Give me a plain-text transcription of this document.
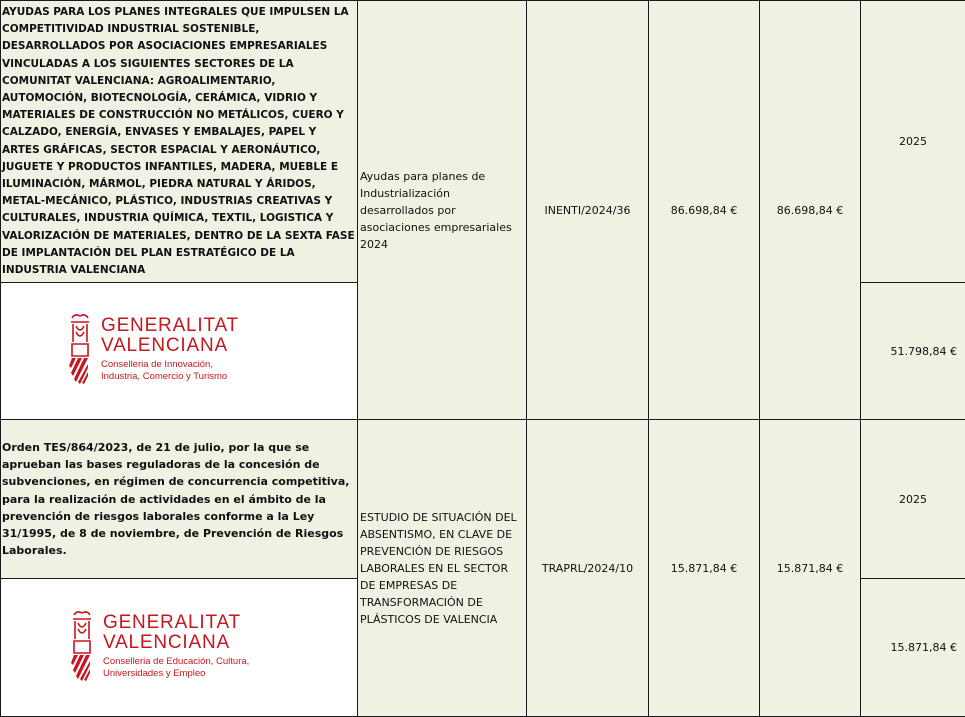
AYUDAS PARA LOS PLANES INTEGRALES QUE IMPULSEN LA COMPETITIVIDAD INDUSTRIAL SOSTENIBLE, DESARROLLADOS POR ASOCIACIONES EMPRESARIALES VINCULADAS A LOS SIGUIENTES SECTORES DE LA COMUNITAT VALENCIANA: AGROALIMENTARIO, AUTOMOCIÓN, BIOTECNOLOGÍA, CERÁMICA, VIDRIO Y MATERIALES DE CONSTRUCCIÓN NO METÁLICOS, CUERO Y CALZADO, ENERGÍA, ENVASES Y EMBALAJES, PAPEL Y ARTES GRÁFICAS, SECTOR ESPACIAL Y AERONÁUTICO, JUGUETE Y PRODUCTOS INFANTILES, MADERA, MUEBLE E ILUMINACIÓN, MÁRMOL, PIEDRA NATURAL Y ÁRIDOS, METAL-MECÁNICO, PLÁSTICO, INDUSTRIAS CREATIVAS Y CULTURALES, INDUSTRIA QUÍMICA, TEXTIL, LOGISTICA Y VALORIZACIÓN DE MATERIALES, DENTRO DE LA SEXTA FASE DE IMPLANTACIÓN DEL PLAN ESTRATÉGICO DE LA INDUSTRIA VALENCIANA	Ayudas para planes de Industrialización desarrollados por asociaciones empresariales 2024	INENTI/2024/36	86.698,84 €	86.698,84 €	2025

GENERALITAT
VALENCIANA
Conselleria de Innovación,
Industria, Comercio y Turismo					51.798,84 €
Orden TES/864/2023, de 21 de julio, por la que se aprueban las bases reguladoras de la concesión de subvenciones, en régimen de concurrencia competitiva, para la realización de actividades en el ámbito de la prevención de riesgos laborales conforme a la Ley 31/1995, de 8 de noviembre, de Prevención de Riesgos Laborales.	ESTUDIO DE SITUACIÓN DEL ABSENTISMO, EN CLAVE DE PREVENCIÓN DE RIESGOS LABORALES EN EL SECTOR DE EMPRESAS DE TRANSFORMACIÓN DE PLÁSTICOS DE VALENCIA	TRAPRL/2024/10	15.871,84 €	15.871,84 €	2025

GENERALITAT
VALENCIANA
Conselleria de Educación, Cultura,
Universidades y Empleo					15.871,84 €
